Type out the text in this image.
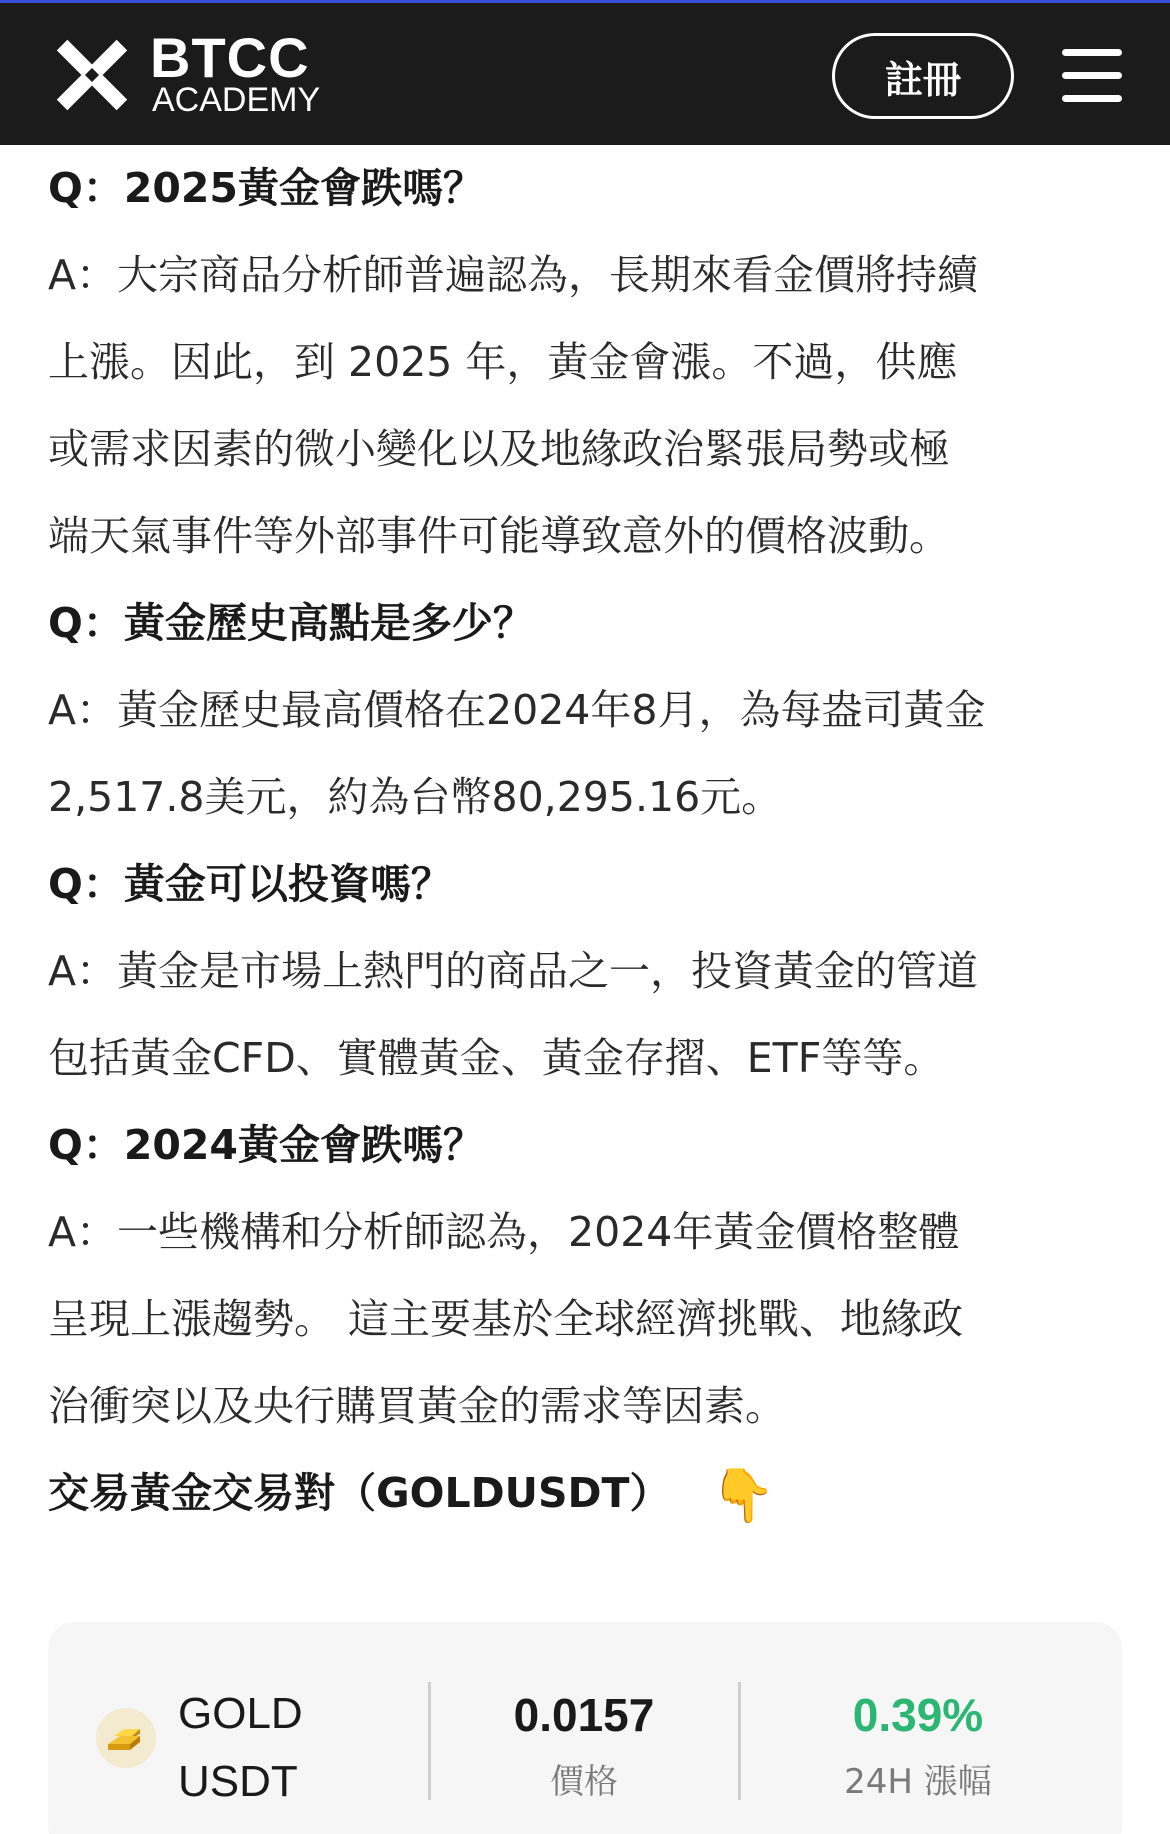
BTCC
ACADEMY	註冊
Q：2025黃金會跌嗎？
A：大宗商品分析師普遍認為，長期來看金價將持續
上漲。因此，到 2025 年，黃金會漲。不過，供應
或需求因素的微小變化以及地緣政治緊張局勢或極
端天氣事件等外部事件可能導致意外的價格波動。
Q：黃金歷史高點是多少？
A：黃金歷史最高價格在2024年8月，為每盎司黃金
2,517.8美元，約為台幣80,295.16元。
Q：黃金可以投資嗎？
A：黃金是市場上熱門的商品之一，投資黃金的管道
包括黃金CFD、實體黃金、黃金存摺、ETF等等。
Q：2024黃金會跌嗎？
A：一些機構和分析師認為，2024年黃金價格整體
呈現上漲趨勢。 這主要基於全球經濟挑戰、地緣政
治衝突以及央行購買黃金的需求等因素。
交易黃金交易對（GOLDUSDT） 👇
GOLD
USDT
0.0157
價格
0.39%
24H 漲幅
